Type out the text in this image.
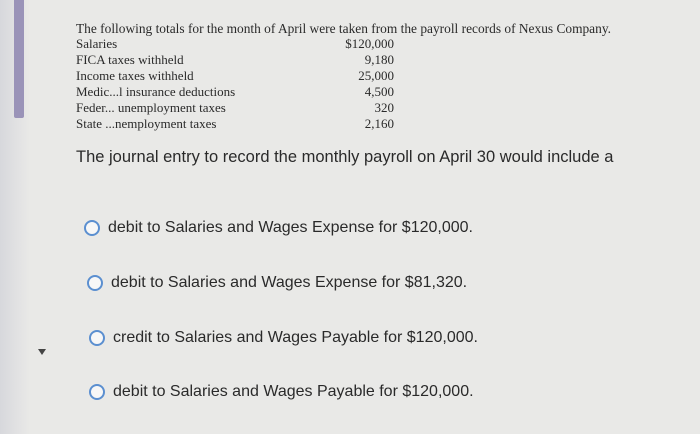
The following totals for the month of April were taken from the payroll records of Nexus Company.

Salaries	$120,000
FICA taxes withheld	9,180
Income taxes withheld	25,000
Medic...l insurance deductions	4,500
Feder... unemployment taxes	320
State ...nemployment taxes	2,160
The journal entry to record the monthly payroll on April 30 would include a
debit to Salaries and Wages Expense for $120,000.
debit to Salaries and Wages Expense for $81,320.
credit to Salaries and Wages Payable for $120,000.
debit to Salaries and Wages Payable for $120,000.
